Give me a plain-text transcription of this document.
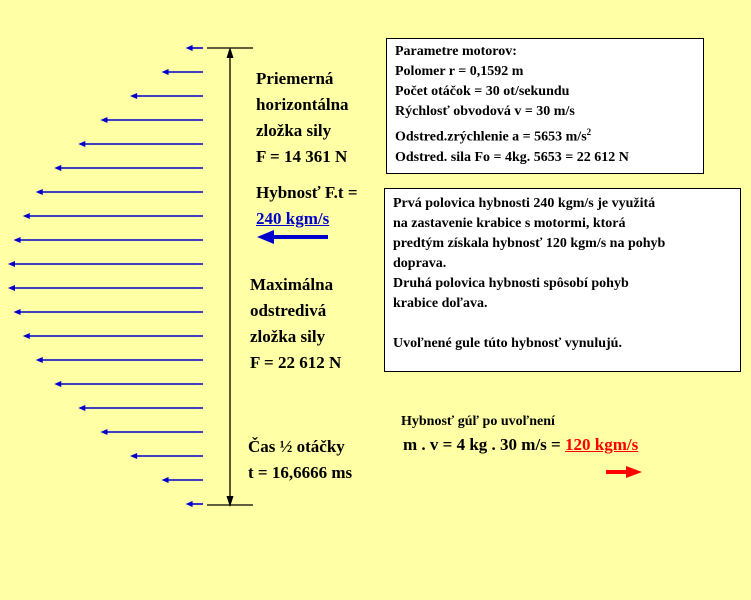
Priemerná
horizontálna
zložka sily
F = 14 361 N
Hybnosť F.t =
240 kgm/s
Maximálna
odstredivá
zložka sily
F = 22 612 N
Čas ½ otáčky
t = 16,6666 ms
Parametre motorov:
Polomer r = 0,1592 m
Počet otáčok = 30 ot/sekundu
Rýchlosť obvodová v = 30 m/s
Odstred.zrýchlenie a = 5653 $m/s^2$
Odstred. sila Fo = 4kg. 5653 = 22 612 N
Prvá polovica hybnosti 240 kgm/s je využitá
na zastavenie krabice s motormi, ktorá
predtým získala hybnosť 120 kgm/s na pohyb
doprava.
Druhá polovica hybnosti spôsobí pohyb
krabice doľava.
Uvoľnené gule túto hybnosť vynulujú.
Hybnosť gúľ po uvoľnení
m . v = 4 kg . 30 m/s = 120 kgm/s
